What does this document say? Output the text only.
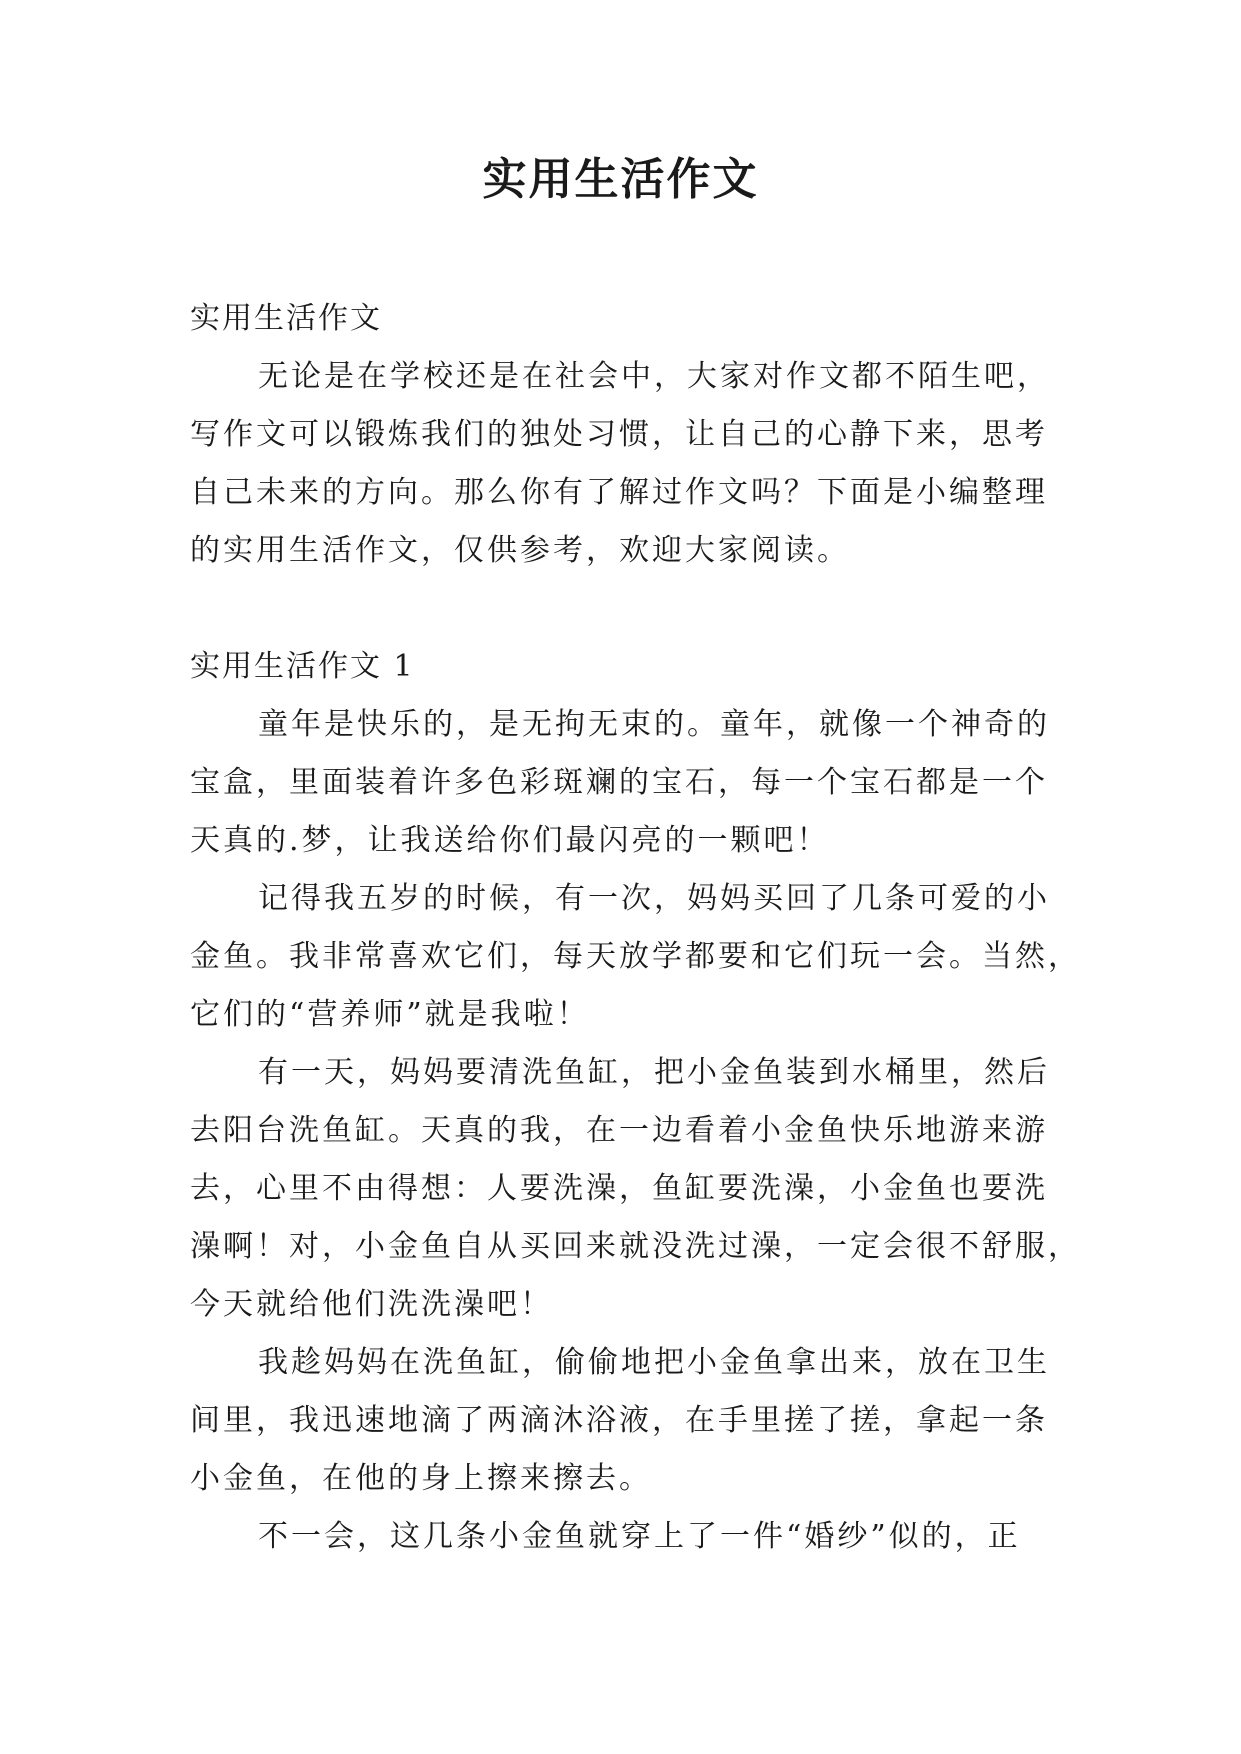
实用生活作文

实用生活作文

无论是在学校还是在社会中，大家对作文都不陌生吧，

写作文可以锻炼我们的独处习惯，让自己的心静下来，思考

自己未来的方向。那么你有了解过作文吗？下面是小编整理

的实用生活作文，仅供参考，欢迎大家阅读。

实用生活作文 1

童年是快乐的，是无拘无束的。童年，就像一个神奇的

宝盒，里面装着许多色彩斑斓的宝石，每一个宝石都是一个

天真的.梦，让我送给你们最闪亮的一颗吧！

记得我五岁的时候，有一次，妈妈买回了几条可爱的小

金鱼。我非常喜欢它们，每天放学都要和它们玩一会。当然，

它们的“营养师”就是我啦！

有一天，妈妈要清洗鱼缸，把小金鱼装到水桶里，然后

去阳台洗鱼缸。天真的我，在一边看着小金鱼快乐地游来游

去，心里不由得想：人要洗澡，鱼缸要洗澡，小金鱼也要洗

澡啊！对，小金鱼自从买回来就没洗过澡，一定会很不舒服，

今天就给他们洗洗澡吧！

我趁妈妈在洗鱼缸，偷偷地把小金鱼拿出来，放在卫生

间里，我迅速地滴了两滴沐浴液，在手里搓了搓，拿起一条

小金鱼，在他的身上擦来擦去。

不一会，这几条小金鱼就穿上了一件“婚纱”似的，正
